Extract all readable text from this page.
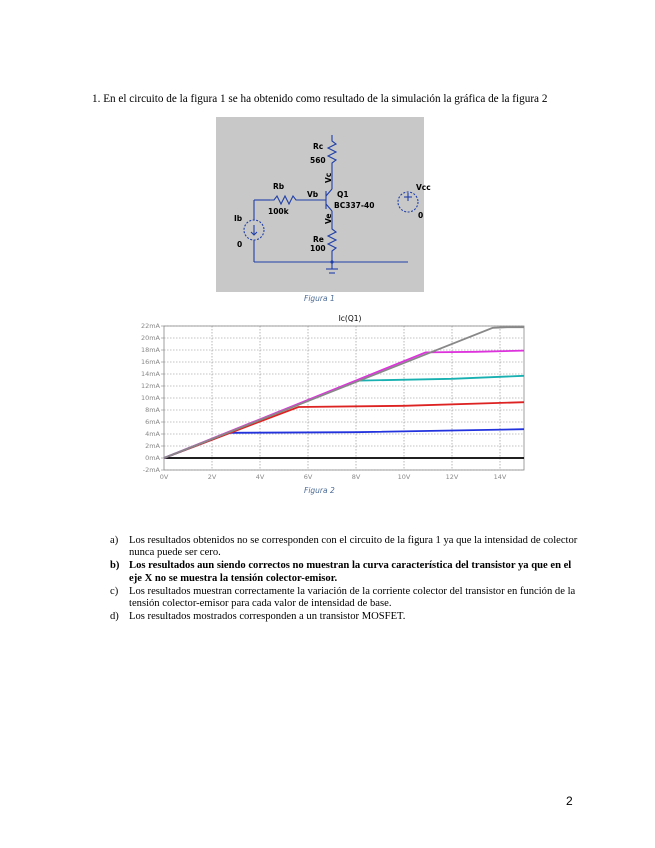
1. En el circuito de la figura 1 se ha obtenido como resultado de la simulación la gráfica de la figura 2
Rc
560
Vc
Rb
100k
Vb	Q1
BC337-40
Ve
Re
100
Ib
0
Vcc
0
Figura 1
0V	2V	4V	6V	8V	10V	12V	14V
-2mA
0mA
2mA
4mA
6mA
8mA
10mA
12mA
14mA
16mA
18mA
20mA
22mA
Ic(Q1)
Figura 2
a) Los resultados obtenidos no se corresponden con el circuito de la figura 1 ya que la intensidad de colector nunca puede ser cero.
b) Los resultados aun siendo correctos no muestran la curva característica del transistor ya que en el eje X no se muestra la tensión colector-emisor.
c) Los resultados muestran correctamente la variación de la corriente colector del transistor en función de la tensión colector-emisor para cada valor de intensidad de base.
d) Los resultados mostrados corresponden a un transistor MOSFET.
2
